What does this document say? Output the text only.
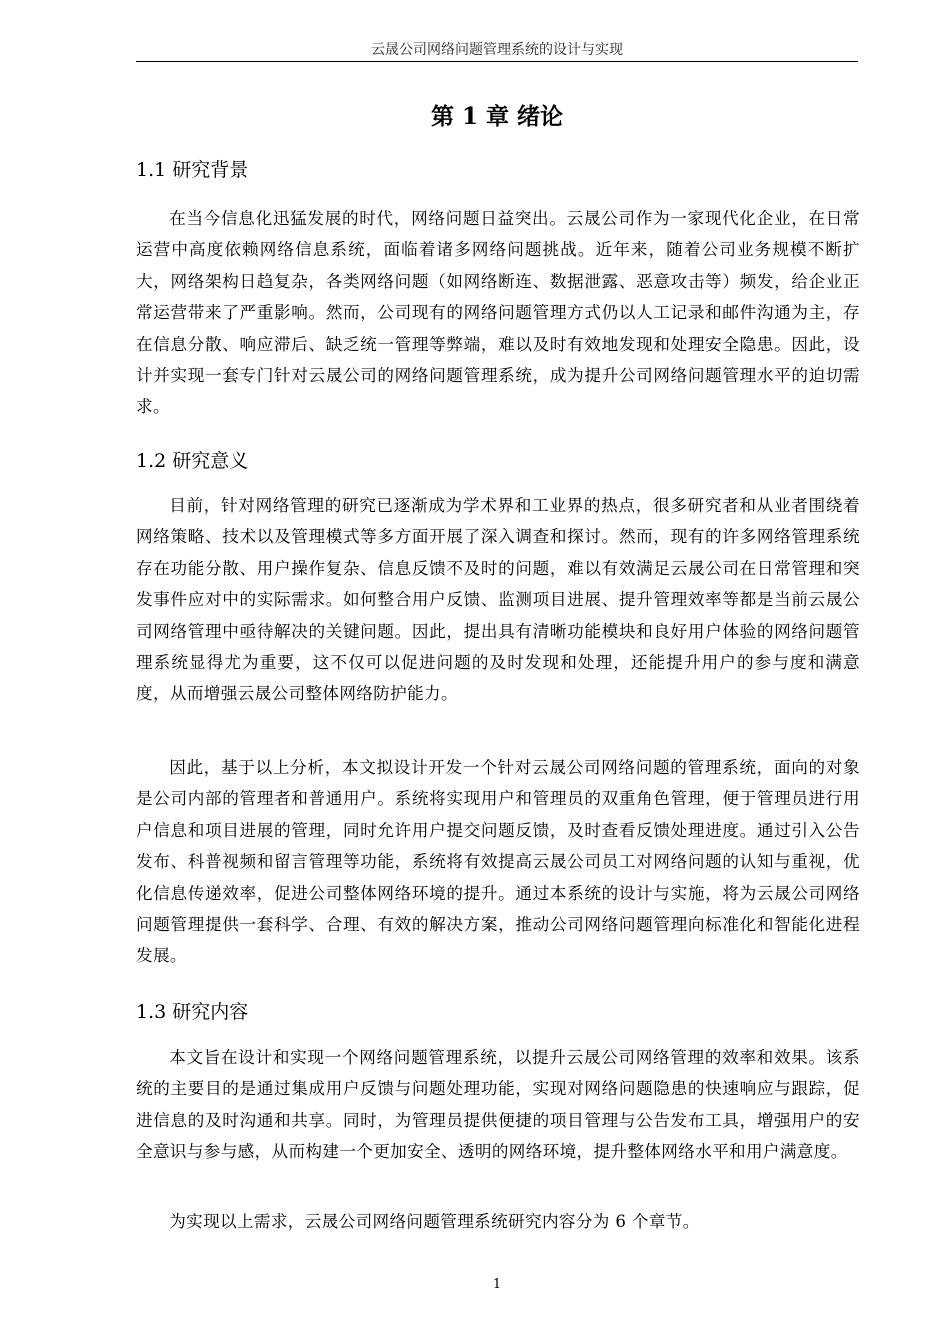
云晟公司网络问题管理系统的设计与实现
第 1 章 绪论
1.1 研究背景

在当今信息化迅猛发展的时代，网络问题日益突出。云晟公司作为一家现代化企业，在日常运营中高度依赖网络信息系统，面临着诸多网络问题挑战。近年来，随着公司业务规模不断扩大，网络架构日趋复杂，各类网络问题（如网络断连、数据泄露、恶意攻击等）频发，给企业正常运营带来了严重影响。然而，公司现有的网络问题管理方式仍以人工记录和邮件沟通为主，存在信息分散、响应滞后、缺乏统一管理等弊端，难以及时有效地发现和处理安全隐患。因此，设计并实现一套专门针对云晟公司的网络问题管理系统，成为提升公司网络问题管理水平的迫切需求。

1.2 研究意义

目前，针对网络管理的研究已逐渐成为学术界和工业界的热点，很多研究者和从业者围绕着网络策略、技术以及管理模式等多方面开展了深入调查和探讨。然而，现有的许多网络管理系统存在功能分散、用户操作复杂、信息反馈不及时的问题，难以有效满足云晟公司在日常管理和突发事件应对中的实际需求。如何整合用户反馈、监测项目进展、提升管理效率等都是当前云晟公司网络管理中亟待解决的关键问题。因此，提出具有清晰功能模块和良好用户体验的网络问题管理系统显得尤为重要，这不仅可以促进问题的及时发现和处理，还能提升用户的参与度和满意度，从而增强云晟公司整体网络防护能力。

因此，基于以上分析，本文拟设计开发一个针对云晟公司网络问题的管理系统，面向的对象是公司内部的管理者和普通用户。系统将实现用户和管理员的双重角色管理，便于管理员进行用户信息和项目进展的管理，同时允许用户提交问题反馈，及时查看反馈处理进度。通过引入公告发布、科普视频和留言管理等功能，系统将有效提高云晟公司员工对网络问题的认知与重视，优化信息传递效率，促进公司整体网络环境的提升。通过本系统的设计与实施，将为云晟公司网络问题管理提供一套科学、合理、有效的解决方案，推动公司网络问题管理向标准化和智能化进程发展。

1.3 研究内容

本文旨在设计和实现一个网络问题管理系统，以提升云晟公司网络管理的效率和效果。该系统的主要目的是通过集成用户反馈与问题处理功能，实现对网络问题隐患的快速响应与跟踪，促进信息的及时沟通和共享。同时，为管理员提供便捷的项目管理与公告发布工具，增强用户的安全意识与参与感，从而构建一个更加安全、透明的网络环境，提升整体网络水平和用户满意度。

为实现以上需求，云晟公司网络问题管理系统研究内容分为 6 个章节。

1
